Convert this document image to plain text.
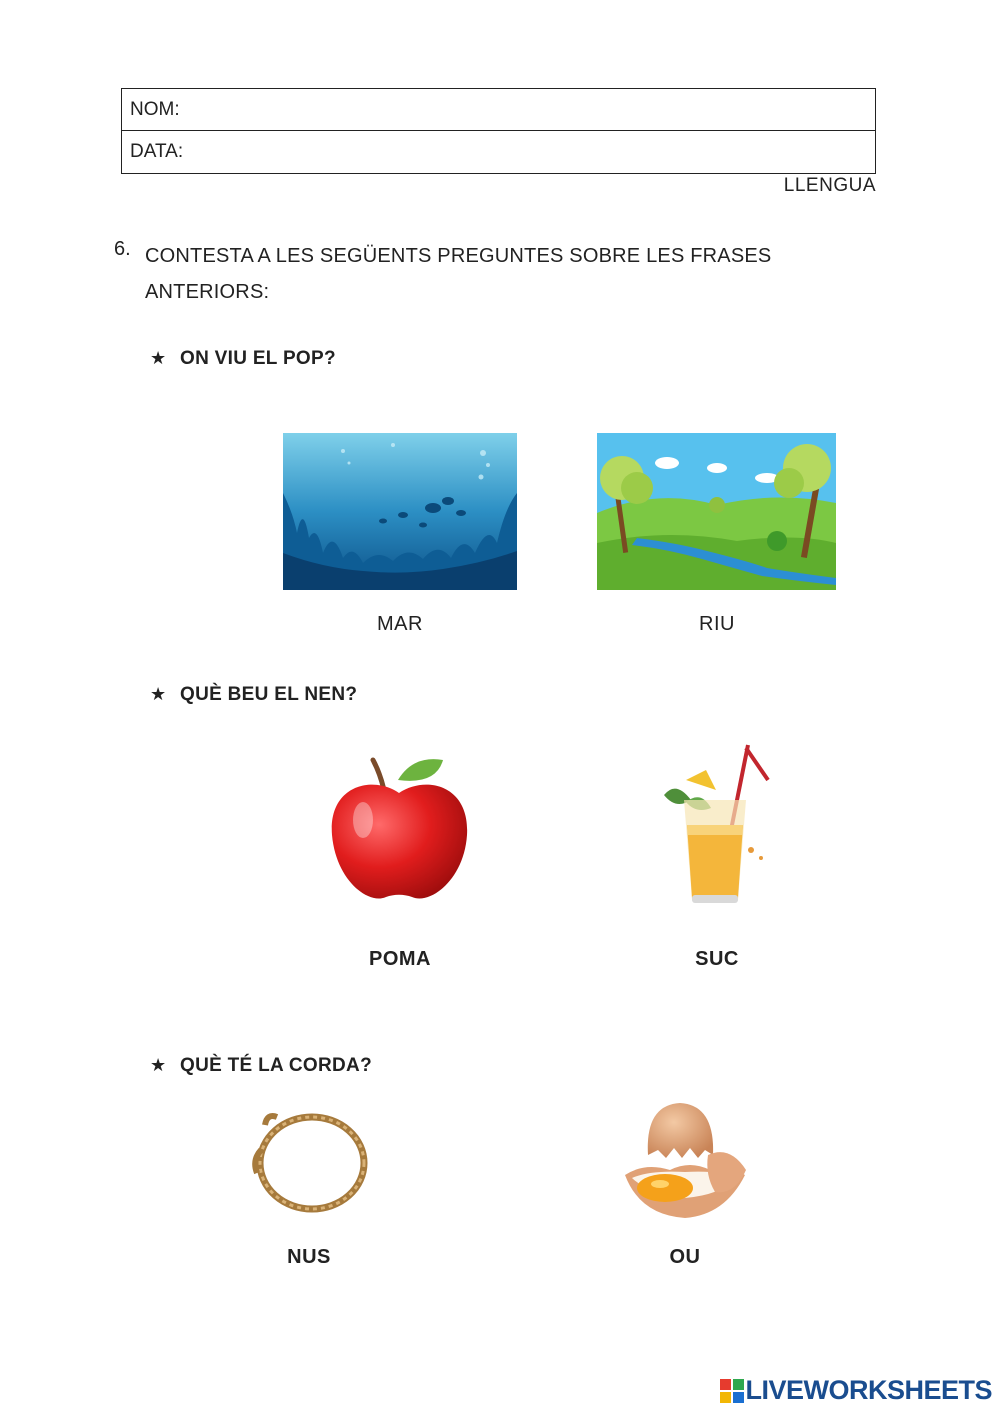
NOM:
DATA:
LLENGUA
6. CONTESTA A LES SEGÜENTS PREGUNTES SOBRE LES FRASES ANTERIORS:
★ ON VIU EL POP?
MAR	RIU
★ QUÈ BEU EL NEN?
POMA	SUC
★ QUÈ TÉ LA CORDA?
NUS	OU
LIVEWORKSHEETS
